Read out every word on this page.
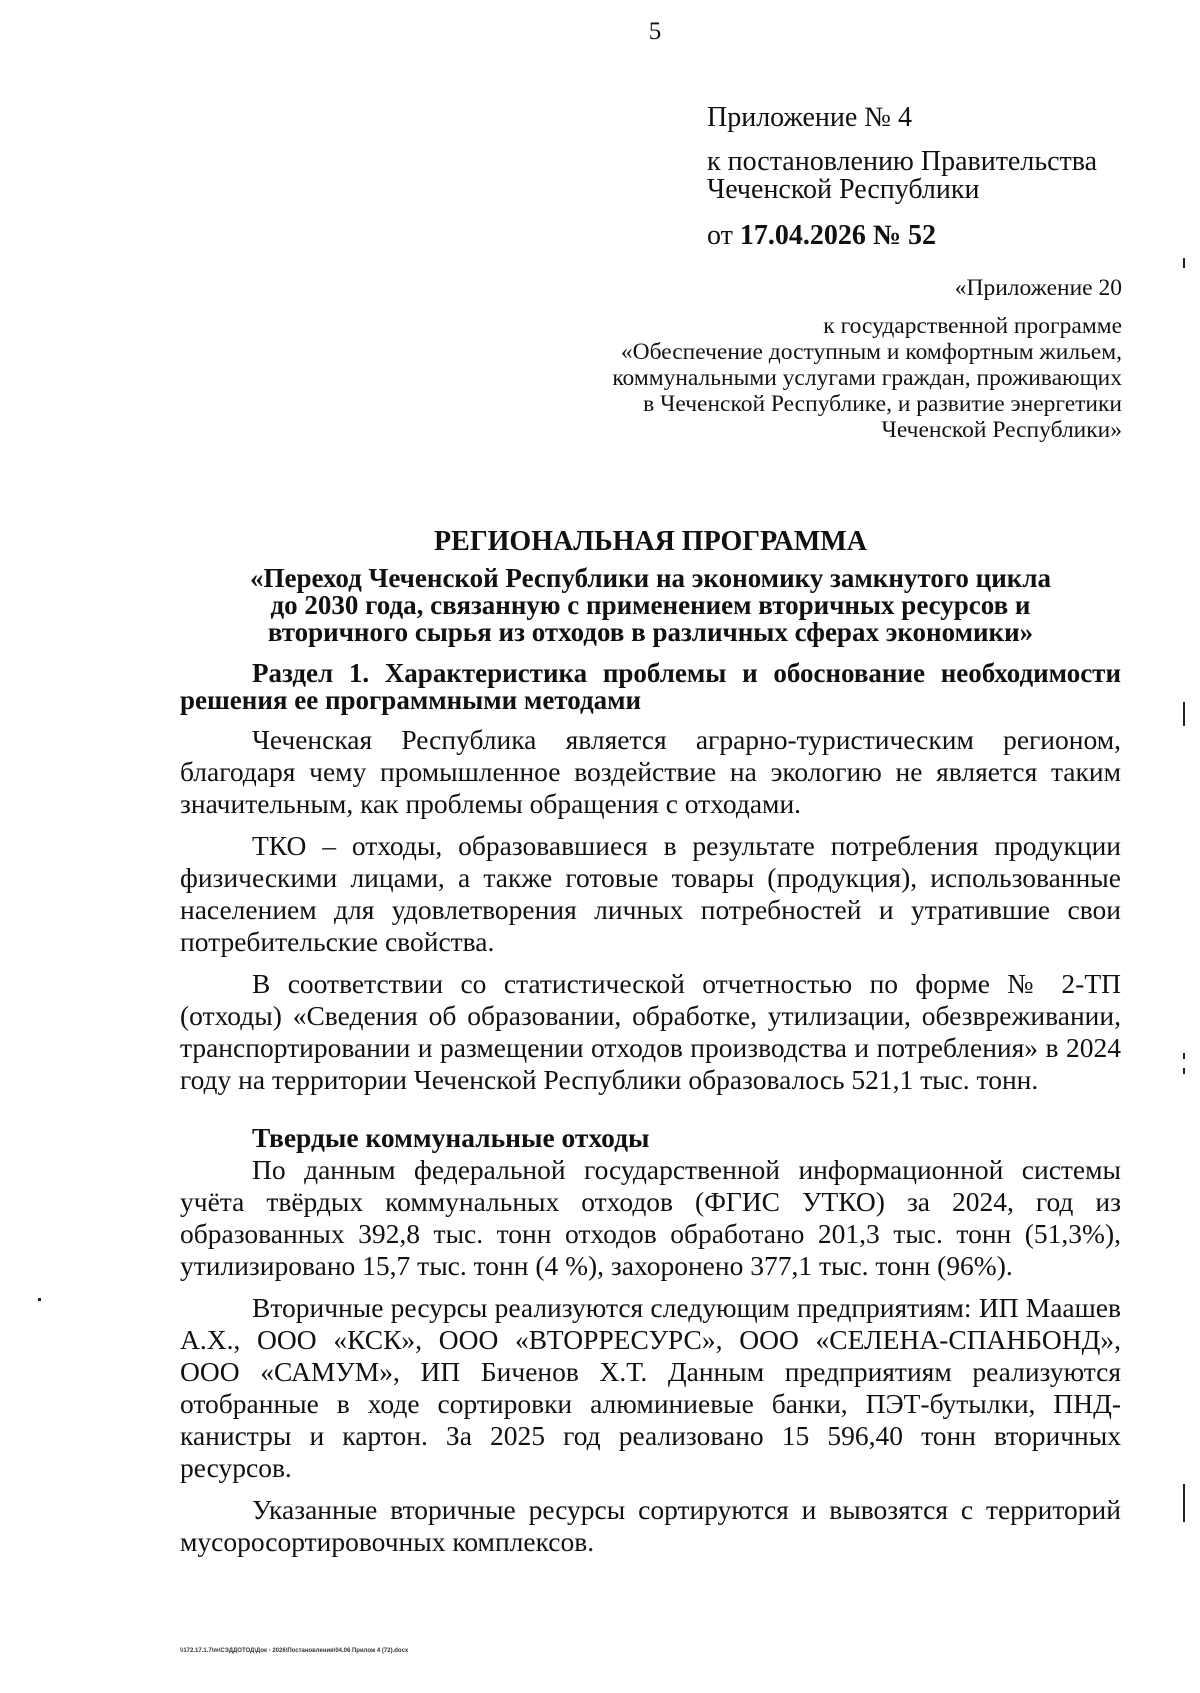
5
Приложение № 4
к постановлению Правительства
Чеченской Республики
от 17.04.2026 № 52
«Приложение 20
к государственной программе
«Обеспечение доступным и комфортным жильем,
коммунальными услугами граждан, проживающих
в Чеченской Республике, и развитие энергетики
Чеченской Республики»
РЕГИОНАЛЬНАЯ ПРОГРАММА
«Переход Чеченской Республики на экономику замкнутого цикла
до 2030 года, связанную с применением вторичных ресурсов и
вторичного сырья из отходов в различных сферах экономики»
Раздел 1. Характеристика проблемы и обоснование необходимости решения ее программными методами

Чеченская Республика является аграрно-туристическим регионом, благодаря чему промышленное воздействие на экологию не является таким значительным, как проблемы обращения с отходами.

ТКО – отходы, образовавшиеся в результате потребления продукции физическими лицами, а также готовые товары (продукция), использованные населением для удовлетворения личных потребностей и утратившие свои потребительские свойства.

В соответствии со статистической отчетностью по форме № 2-ТП (отходы) «Сведения об образовании, обработке, утилизации, обезвреживании, транспортировании и размещении отходов производства и потребления» в 2024 году на территории Чеченской Республики образовалось 521,1 тыс. тонн.

Твердые коммунальные отходы

По данным федеральной государственной информационной системы учёта твёрдых коммунальных отходов (ФГИС УТКО) за 2024, год из образованных 392,8 тыс. тонн отходов обработано 201,3 тыс. тонн (51,3%), утилизировано 15,7 тыс. тонн (4 %), захоронено 377,1 тыс. тонн (96%).

Вторичные ресурсы реализуются следующим предприятиям: ИП Маашев А.Х., ООО «КСК», ООО «ВТОРРЕСУРС», ООО «СЕЛЕНА-СПАНБОНД», ООО «САМУМ», ИП Биченов Х.Т. Данным предприятиям реализуются отобранные в ходе сортировки алюминиевые банки, ПЭТ-бутылки, ПНД-канистры и картон. За 2025 год реализовано 15 596,40 тонн вторичных ресурсов.

Указанные вторичные ресурсы сортируются и вывозятся с территорий мусоросортировочных комплексов.

\\172.17.1.7\m\СЭДДОТОД\Док - 2026\Постановления\04.06 Прилож 4 (72).docx
